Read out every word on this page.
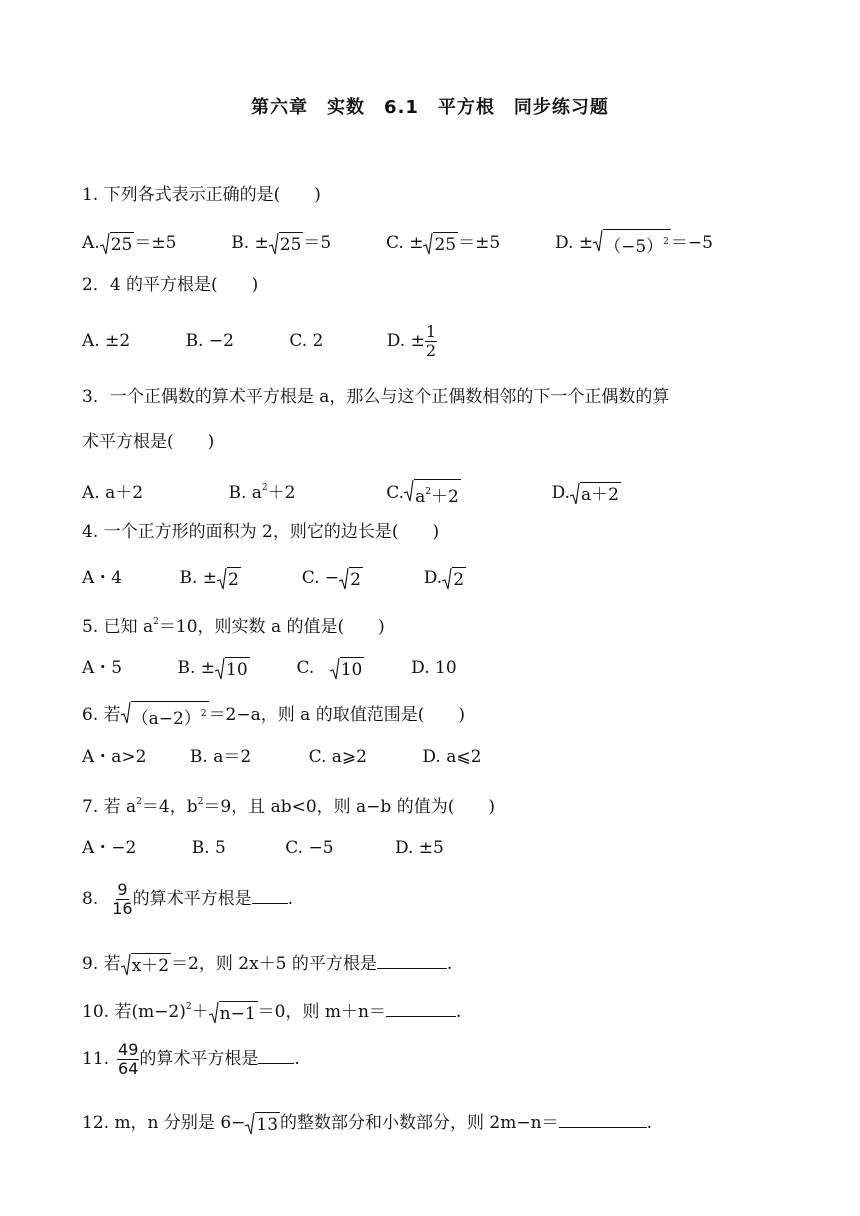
第六章　实数　6.1　平方根　同步练习题
1. 下列各式表示正确的是(　　)
A. 25 ＝±5	B. ± 25 ＝5	C. ± 25 ＝±5	D. ± $(-5)^2 =-5$
2．4 的平方根是(　　)
A. ±2	B. −2	C. 2	D. ± $\frac{1}{2}$
3．一个正偶数的算术平方根是 a，那么与这个正偶数相邻的下一个正偶数的算
术平方根是(　　)
A. a＋2	B. $a^2+2$	C. $a^2+2$	D. a＋2
4. 一个正方形的面积为 2，则它的边长是(　　)
A・4	B. ± 2	C. − 2	D. 2
5. 已知 $a^2=10$，则实数 a 的值是(　　)
A・5	B. ± 10	C. 10	D. 10
6. 若 $(a-2)^2 =2-a$，则 a 的取值范围是(　　)
A・a>2	B. a＝2	C. a⩾2	D. a⩽2
7. 若 $a^2=4$，$b^2=9$，且 ab<0，则 a−b 的值为(　　)
A・−2	B. 5	C. −5	D. ±5
8. $\frac{9}{16}$ 的算术平方根是 .
9. 若 x＋2 ＝2，则 2x＋5 的平方根是	.
10. 若$(m-2)^2+ n-1 =0$，则 m＋n＝	.
11. $\frac{49}{64}$ 的算术平方根是 .
12. m，n 分别是 6− 13 的整数部分和小数部分，则 2m−n＝	.
